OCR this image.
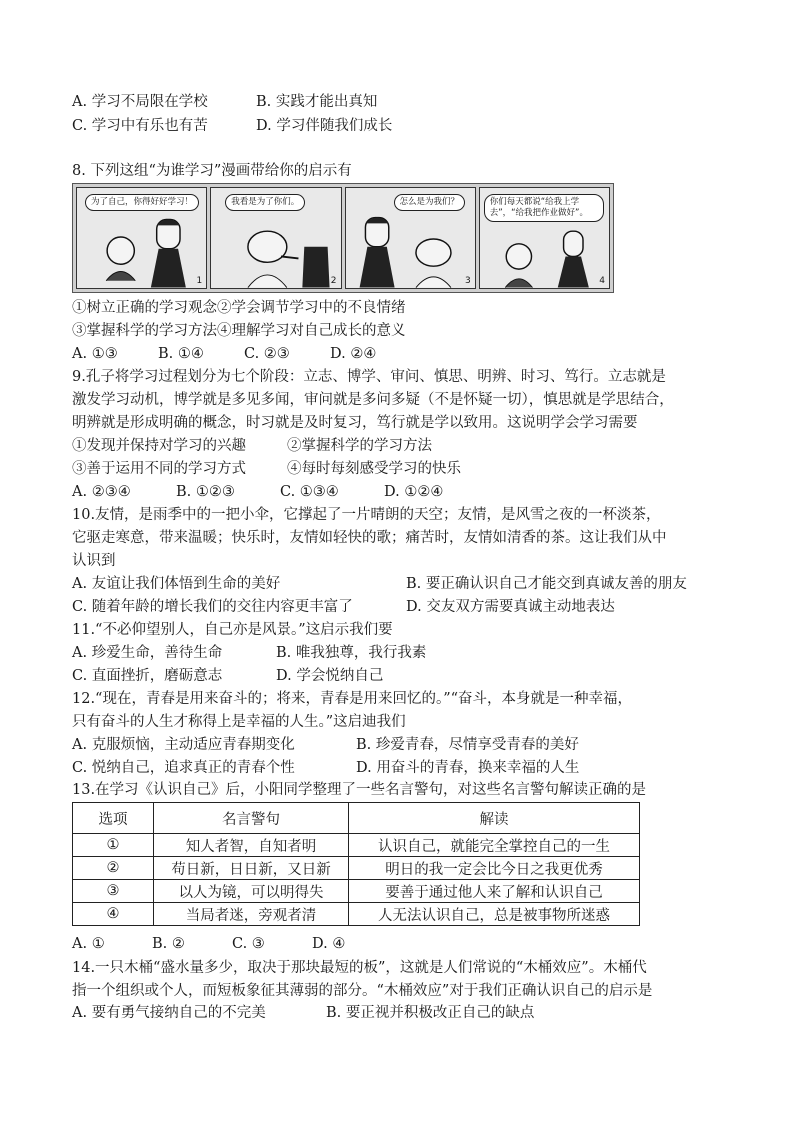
A. 学习不局限在学校	B. 实践才能出真知
C. 学习中有乐也有苦	D. 学习伴随我们成长
8. 下列这组“为谁学习”漫画带给你的启示有
为了自己，你得好好学习！
1
我看是为了你们。
2
怎么是为我们？
3
你们每天都说“给我上学去”，“给我把作业做好”。
4
①树立正确的学习观念②学会调节学习中的不良情绪
③掌握科学的学习方法④理解学习对自己成长的意义
A. ①③	B. ①④	C. ②③	D. ②④
9.孔子将学习过程划分为七个阶段：立志、博学、审问、慎思、明辨、时习、笃行。立志就是
激发学习动机，博学就是多见多闻，审问就是多问多疑（不是怀疑一切），慎思就是学思结合，
明辨就是形成明确的概念，时习就是及时复习，笃行就是学以致用。这说明学会学习需要
①发现并保持对学习的兴趣	②掌握科学的学习方法
③善于运用不同的学习方式	④每时每刻感受学习的快乐
A. ②③④	B. ①②③	C. ①③④	D. ①②④
10.友情，是雨季中的一把小伞，它撑起了一片晴朗的天空；友情，是风雪之夜的一杯淡茶，
它驱走寒意，带来温暖；快乐时，友情如轻快的歌；痛苦时，友情如清香的茶。这让我们从中
认识到
A. 友谊让我们体悟到生命的美好	B. 要正确认识自己才能交到真诚友善的朋友
C. 随着年龄的增长我们的交往内容更丰富了	D. 交友双方需要真诚主动地表达
11.“不必仰望别人，自己亦是风景。”这启示我们要
A. 珍爱生命，善待生命	B. 唯我独尊，我行我素
C. 直面挫折，磨砺意志	D. 学会悦纳自己
12.“现在，青春是用来奋斗的；将来，青春是用来回忆的。”“奋斗，本身就是一种幸福，
只有奋斗的人生才称得上是幸福的人生。”这启迪我们
A. 克服烦恼，主动适应青春期变化	B. 珍爱青春，尽情享受青春的美好
C. 悦纳自己，追求真正的青春个性	D. 用奋斗的青春，换来幸福的人生
13.在学习《认识自己》后，小阳同学整理了一些名言警句，对这些名言警句解读正确的是
选项	名言警句	解读
①	知人者智，自知者明	认识自己，就能完全掌控自己的一生
②	苟日新，日日新，又日新	明日的我一定会比今日之我更优秀
③	以人为镜，可以明得失	要善于通过他人来了解和认识自己
④	当局者迷，旁观者清	人无法认识自己，总是被事物所迷惑
A. ①	B. ②	C. ③	D. ④
14.一只木桶“盛水量多少，取决于那块最短的板”，这就是人们常说的“木桶效应”。木桶代
指一个组织或个人，而短板象征其薄弱的部分。“木桶效应”对于我们正确认识自己的启示是
A. 要有勇气接纳自己的不完美	B. 要正视并积极改正自己的缺点
